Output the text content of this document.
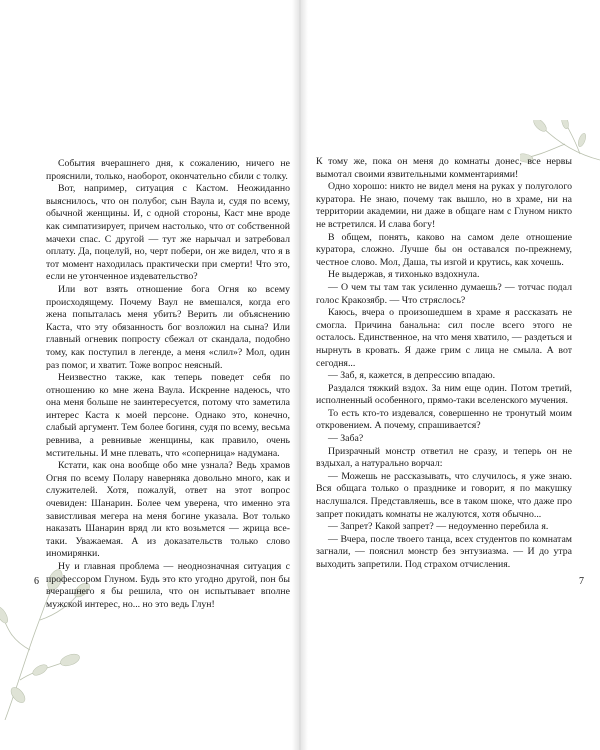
События вчерашнего дня, к сожалению, ничего не прояснили, только, наоборот, окончательно сбили с толку.

Вот, например, ситуация с Кастом. Неожиданно выяснилось, что он полубог, сын Ваула и, судя по всему, обычной женщины. И, с одной стороны, Каст мне вроде как симпатизирует, причем настолько, что от собственной мачехи спас. С другой — тут же нарычал и затребовал оплату. Да, поцелуй, но, черт побери, он же видел, что я в тот момент находилась практически при смерти! Что это, если не утонченное издевательство?

Или вот взять отношение бога Огня ко всему происходящему. Почему Ваул не вмешался, когда его жена попыталась меня убить? Верить ли объяснению Каста, что эту обязанность бог возложил на сына? Или главный огневик попросту сбежал от скандала, подобно тому, как поступил в легенде, а меня «слил»? Мол, один раз помог, и хватит. Тоже вопрос неясный.

Неизвестно также, как теперь поведет себя по отношению ко мне жена Ваула. Искренне надеюсь, что она меня больше не заинтересуется, потому что заметила интерес Каста к моей персоне. Однако это, конечно, слабый аргумент. Тем более богиня, судя по всему, весьма ревнива, а ревнивые женщины, как правило, очень мстительны. И мне плевать, что «соперница» надумана.

Кстати, как она вообще обо мне узнала? Ведь храмов Огня по всему Полару наверняка довольно много, как и служителей. Хотя, пожалуй, ответ на этот вопрос очевиден: Шанарин. Более чем уверена, что именно эта завистливая мегера на меня богине указала. Вот только наказать Шанарин вряд ли кто возьмется — жрица все-таки. Уважаемая. А из доказательств только слово иномирянки.

Ну и главная проблема — неоднозначная ситуация с профессором Глуном. Будь это кто угодно другой, пон бы вчерашнего я бы решила, что он испытывает вполне мужской интерес, но... но это ведь Глун!

6

К тому же, пока он меня до комнаты донес, все нервы вымотал своими язвительными комментариями!

Одно хорошо: никто не видел меня на руках у полуголого куратора. Не знаю, почему так вышло, но в храме, ни на территории академии, ни даже в общаге нам с Глуном никто не встретился. И слава богу!

В общем, понять, каково на самом деле отношение куратора, сложно. Лучше бы он оставался по-прежнему, честное слово. Мол, Даша, ты изгой и крутись, как хочешь.

Не выдержав, я тихонько вздохнула.

— О чем ты там так усиленно думаешь? — тотчас подал голос Кракозябр. — Что стряслось?

Каюсь, вчера о произошедшем в храме я рассказать не смогла. Причина банальна: сил после всего этого не осталось. Единственное, на что меня хватило, — раздеться и нырнуть в кровать. Я даже грим с лица не смыла. А вот сегодня...

— Заб, я, кажется, в депрессию впадаю.

Раздался тяжкий вздох. За ним еще один. Потом третий, исполненный особенного, прямо-таки вселенского мучения.

То есть кто-то издевался, совершенно не тронутый моим откровением. А почему, спрашивается?

— Заба?

Призрачный монстр ответил не сразу, и теперь он не вздыхал, а натурально ворчал:

— Можешь не рассказывать, что случилось, я уже знаю. Вся общага только о празднике и говорит, я по макушку наслушался. Представляешь, все в таком шоке, что даже про запрет покидать комнаты не жалуются, хотя обычно...

— Запрет? Какой запрет? — недоуменно перебила я.

— Вчера, после твоего танца, всех студентов по комнатам загнали, — пояснил монстр без энтузиазма. — И до утра выходить запретили. Под страхом отчисления.

7
